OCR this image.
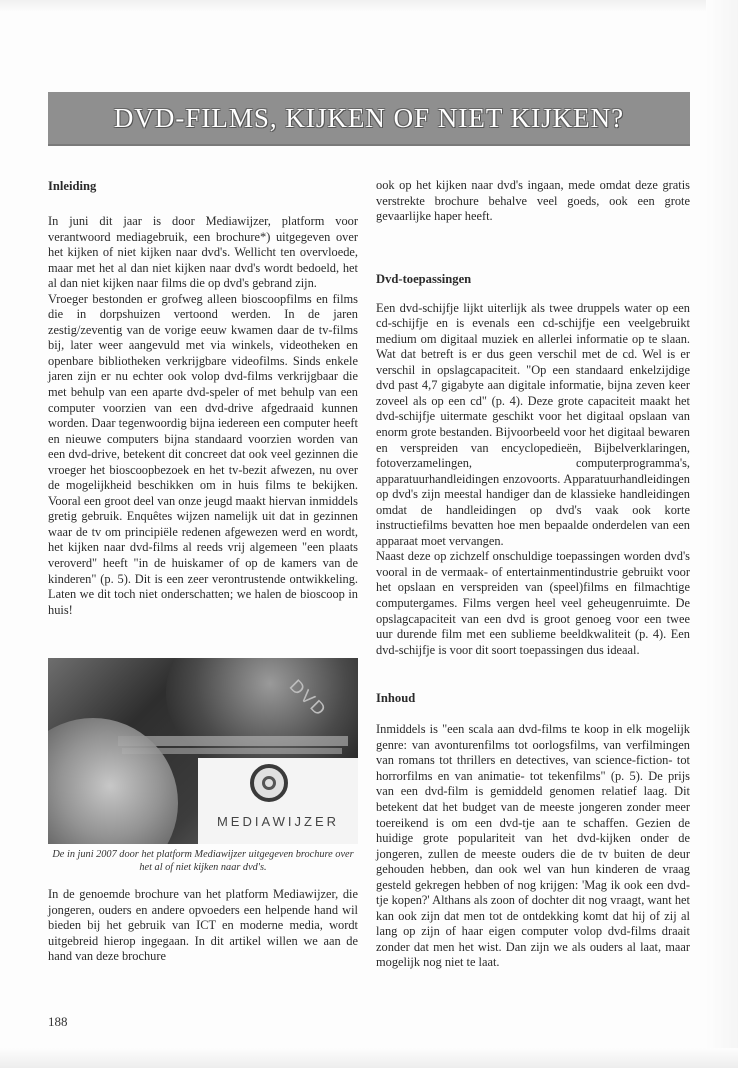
DVD-FILMS, KIJKEN OF NIET KIJKEN?
Inleiding

In juni dit jaar is door Mediawijzer, platform voor verantwoord mediagebruik, een brochure*) uitgegeven over het kijken of niet kijken naar dvd's. Wellicht ten overvloede, maar met het al dan niet kijken naar dvd's wordt bedoeld, het al dan niet kijken naar films die op dvd's gebrand zijn.

Vroeger bestonden er grofweg alleen bioscoopfilms en films die in dorpshuizen vertoond werden. In de jaren zestig/zeventig van de vorige eeuw kwamen daar de tv-films bij, later weer aangevuld met via winkels, videotheken en openbare bibliotheken verkrijgbare videofilms. Sinds enkele jaren zijn er nu echter ook volop dvd-films verkrijgbaar die met behulp van een aparte dvd-speler of met behulp van een computer voorzien van een dvd-drive afgedraaid kunnen worden. Daar tegenwoordig bijna iedereen een computer heeft en nieuwe computers bijna standaard voorzien worden van een dvd-drive, betekent dit concreet dat ook veel gezinnen die vroeger het bioscoopbezoek en het tv-bezit afwezen, nu over de mogelijkheid beschikken om in huis films te bekijken. Vooral een groot deel van onze jeugd maakt hiervan inmiddels gretig gebruik. Enquêtes wijzen namelijk uit dat in gezinnen waar de tv om principiële redenen afgewezen werd en wordt, het kijken naar dvd-films al reeds vrij algemeen "een plaats veroverd" heeft "in de huiskamer of op de kamers van de kinderen" (p. 5). Dit is een zeer verontrustende ontwikkeling. Laten we dit toch niet onderschatten; we halen de bioscoop in huis!

DVD
MEDIAWIJZER
De in juni 2007 door het platform Mediawijzer uitgegeven brochure over het al of niet kijken naar dvd's.

In de genoemde brochure van het platform Mediawijzer, die jongeren, ouders en andere opvoeders een helpende hand wil bieden bij het gebruik van ICT en moderne media, wordt uitgebreid hierop ingegaan. In dit artikel willen we aan de hand van deze brochure

188

ook op het kijken naar dvd's ingaan, mede omdat deze gratis verstrekte brochure behalve veel goeds, ook een grote gevaarlijke haper heeft.

Dvd-toepassingen

Een dvd-schijfje lijkt uiterlijk als twee druppels water op een cd-schijfje en is evenals een cd-schijfje een veelgebruikt medium om digitaal muziek en allerlei informatie op te slaan. Wat dat betreft is er dus geen verschil met de cd. Wel is er verschil in opslagcapaciteit. "Op een standaard enkelzijdige dvd past 4,7 gigabyte aan digitale informatie, bijna zeven keer zoveel als op een cd" (p. 4). Deze grote capaciteit maakt het dvd-schijfje uitermate geschikt voor het digitaal opslaan van enorm grote bestanden. Bijvoorbeeld voor het digitaal bewaren en verspreiden van encyclopedieën, Bijbelverklaringen, fotoverzamelingen, computerprogramma's, apparatuurhandleidingen enzovoorts. Apparatuurhandleidingen op dvd's zijn meestal handiger dan de klassieke handleidingen omdat de handleidingen op dvd's vaak ook korte instructiefilms bevatten hoe men bepaalde onderdelen van een apparaat moet vervangen.

Naast deze op zichzelf onschuldige toepassingen worden dvd's vooral in de vermaak- of entertainmentindustrie gebruikt voor het opslaan en verspreiden van (speel)films en filmachtige computergames. Films vergen heel veel geheugenruimte. De opslagcapaciteit van een dvd is groot genoeg voor een twee uur durende film met een sublieme beeldkwaliteit (p. 4). Een dvd-schijfje is voor dit soort toepassingen dus ideaal.

Inhoud

Inmiddels is "een scala aan dvd-films te koop in elk mogelijk genre: van avonturenfilms tot oorlogsfilms, van verfilmingen van romans tot thrillers en detectives, van science-fiction- tot horrorfilms en van animatie- tot tekenfilms" (p. 5). De prijs van een dvd-film is gemiddeld genomen relatief laag. Dit betekent dat het budget van de meeste jongeren zonder meer toereikend is om een dvd-tje aan te schaffen. Gezien de huidige grote populariteit van het dvd-kijken onder de jongeren, zullen de meeste ouders die de tv buiten de deur gehouden hebben, dan ook wel van hun kinderen de vraag gesteld gekregen hebben of nog krijgen: 'Mag ik ook een dvd-tje kopen?' Althans als zoon of dochter dit nog vraagt, want het kan ook zijn dat men tot de ontdekking komt dat hij of zij al lang op zijn of haar eigen computer volop dvd-films draait zonder dat men het wist. Dan zijn we als ouders al laat, maar mogelijk nog niet te laat.
